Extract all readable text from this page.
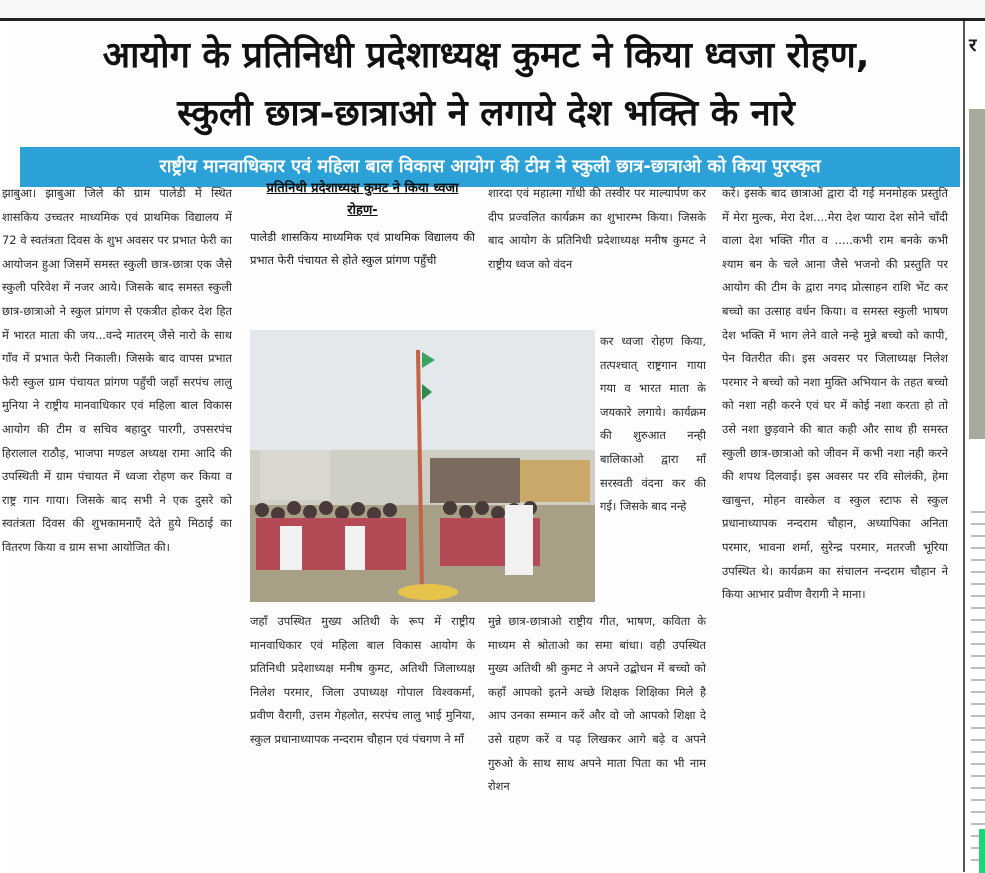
आयोग के प्रतिनिधी प्रदेशाध्यक्ष कुमट ने किया ध्वजा रोहण,
स्कुली छात्र-छात्राओ ने लगाये देश भक्ति के नारे
राष्ट्रीय मानवाधिकार एवं महिला बाल विकास आयोग की टीम ने स्कुली छात्र-छात्राओ को किया पुरस्कृत
झाबुआ। झाबुआ जिले की ग्राम पालेडी में स्थित शासकिय उच्चतर माध्यमिक एवं प्राथमिक विद्यालय में 72 वे स्वतंत्रता दिवस के शुभ अवसर पर प्रभात फेरी का आयोजन हुआ जिसमें समस्त स्कुली छात्र-छात्रा एक जैसे स्कुली परिवेश में नजर आये। जिसके बाद समस्त स्कुली छात्र-छात्राओ ने स्कुल प्रांगण से एकत्रीत होकर देश हित में भारत माता की जय...वन्दे मातरम् जैसे नारो के साथ गाँव में प्रभात फेरी निकाली। जिसके बाद वापस प्रभात फेरी स्कुल ग्राम पंचायत प्रांगण पहुँची जहाँ सरपंच लालु मुनिया ने राष्ट्रीय मानवाधिकार एवं महिला बाल विकास आयोग की टीम व सचिव बहादुर पारगी, उपसरपंच हिरालाल राठौड़, भाजपा मण्डल अध्यक्ष रामा आदि की उपस्थिती में ग्राम पंचायत में ध्वजा रोहण कर किया व राष्ट्र गान गाया। जिसके बाद सभी ने एक दुसरे को स्वतंत्रता दिवस की शुभकामनाएँ देते हुये मिठाई का वितरण किया व ग्राम सभा आयोजित की।
प्रतिनिधी प्रदेशाध्यक्ष कुमट ने किया ध्वजा रोहण-
पालेडी शासकिय माध्यमिक एवं प्राथमिक विद्यालय की प्रभात फेरी पंचायत से होते स्कुल प्रांगण पहुँची
शारदा एवं महात्मा गाँधी की तस्वीर पर माल्यार्पण कर दीप प्रज्वलित कार्यक्रम का शुभारम्भ किया। जिसके बाद आयोग के प्रतिनिधी प्रदेशाध्यक्ष मनीष कुमट ने राष्ट्रीय ध्वज को वंदन
कर ध्वजा रोहण किया, तत्पश्चात् राष्ट्रगान गाया गया व भारत माता के जयकारे लगाये। कार्यक्रम की शुरुआत नन्ही बालिकाओ द्वारा माँ सरस्वती वंदना कर की गई। जिसके बाद नन्हे
जहाँ उपस्थित मुख्य अतिथी के रूप में राष्ट्रीय मानवाधिकार एवं महिला बाल विकास आयोग के प्रतिनिधी प्रदेशाध्यक्ष मनीष कुमट, अतिथी जिलाध्यक्ष निलेश परमार, जिला उपाध्यक्ष गोपाल विश्वकर्मा, प्रवीण वैरागी, उत्तम गेहलोत, सरपंच लालु भाई मुनिया, स्कुल प्रधानाध्यापक नन्दराम चौहान एवं पंचगण ने माँ
मुन्ने छात्र-छात्राओ राष्ट्रीय गीत, भाषण, कविता के माध्यम से श्रोताओ का समा बांधा। वही उपस्थित मुख्य अतिथी श्री कुमट ने अपने उद्बोधन में बच्चो को कहाँ आपको इतने अच्छे शिक्षक शिक्षिका मिले है आप उनका सम्मान करें और वो जो आपको शिक्षा दे उसे ग्रहण करें व पढ़ लिखकर आगे बढ़े व अपने गुरुओ के साथ साथ अपने माता पिता का भी नाम रोशन
करें। इसके बाद छात्राओं द्वारा दी गई मनमोहक प्रस्तुति में मेरा मुल्क, मेरा देश....मेरा देश प्यारा देश सोने चाँदी वाला देश भक्ति गीत व .....कभी राम बनके कभी श्याम बन के चले आना जैसे भजनो की प्रस्तुति पर आयोग की टीम के द्वारा नगद प्रोत्साहन राशि भेंट कर बच्चो का उत्साह वर्धन किया। व समस्त स्कुली भाषण देश भक्ति में भाग लेने वाले नन्हे मुन्ने बच्चो को कापी, पेन वितरीत की। इस अवसर पर जिलाध्यक्ष निलेश परमार ने बच्चो को नशा मुक्ति अभियान के तहत बच्चो को नशा नही करने एवं घर में कोई नशा करता हो तो उसे नशा छुड़वाने की बात कही और साथ ही समस्त स्कुली छात्र-छात्राओ को जीवन में कभी नशा नही करने की शपथ दिलवाई। इस अवसर पर रवि सोलंकी, हेमा खाबुन्त, मोहन वास्केल व स्कुल स्टाफ से स्कुल प्रधानाध्यापक नन्दराम चौहान, अध्यापिका अनिता परमार, भावना शर्मा, सुरेन्द्र परमार, मतरजी भूरिया उपस्थित थे। कार्यक्रम का संचालन नन्दराम चौहान ने किया आभार प्रवीण वैरागी ने माना।
र
